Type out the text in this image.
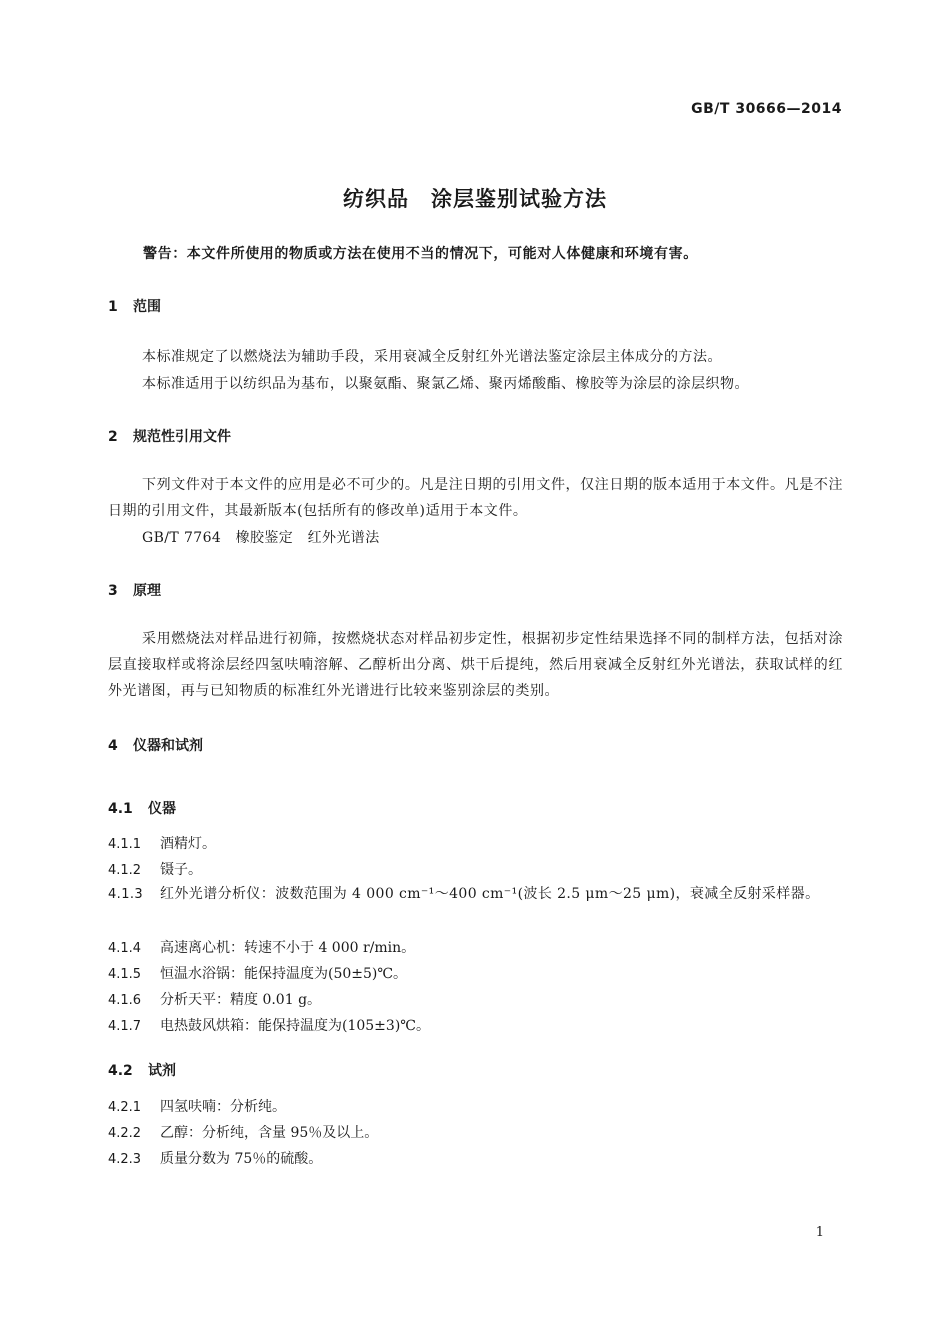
GB/T 30666—2014
纺织品　涂层鉴别试验方法
警告：本文件所使用的物质或方法在使用不当的情况下，可能对人体健康和环境有害。
1 范围
本标准规定了以燃烧法为辅助手段，采用衰减全反射红外光谱法鉴定涂层主体成分的方法。
本标准适用于以纺织品为基布，以聚氨酯、聚氯乙烯、聚丙烯酸酯、橡胶等为涂层的涂层织物。
2 规范性引用文件
下列文件对于本文件的应用是必不可少的。凡是注日期的引用文件，仅注日期的版本适用于本文件。凡是不注日期的引用文件，其最新版本(包括所有的修改单)适用于本文件。
GB/T 7764　橡胶鉴定　红外光谱法
3 原理
采用燃烧法对样品进行初筛，按燃烧状态对样品初步定性，根据初步定性结果选择不同的制样方法，包括对涂层直接取样或将涂层经四氢呋喃溶解、乙醇析出分离、烘干后提纯，然后用衰减全反射红外光谱法，获取试样的红外光谱图，再与已知物质的标准红外光谱进行比较来鉴别涂层的类别。
4 仪器和试剂
4.1 仪器
4.1.1 酒精灯。
4.1.2 镊子。
4.1.3 红外光谱分析仪：波数范围为 4 000 cm⁻¹～400 cm⁻¹(波长 2.5 μm～25 μm)，衰减全反射采样器。
4.1.4 高速离心机：转速不小于 4 000 r/min。
4.1.5 恒温水浴锅：能保持温度为(50±5)℃。
4.1.6 分析天平：精度 0.01 g。
4.1.7 电热鼓风烘箱：能保持温度为(105±3)℃。
4.2 试剂
4.2.1 四氢呋喃：分析纯。
4.2.2 乙醇：分析纯，含量 95％及以上。
4.2.3 质量分数为 75％的硫酸。
1
